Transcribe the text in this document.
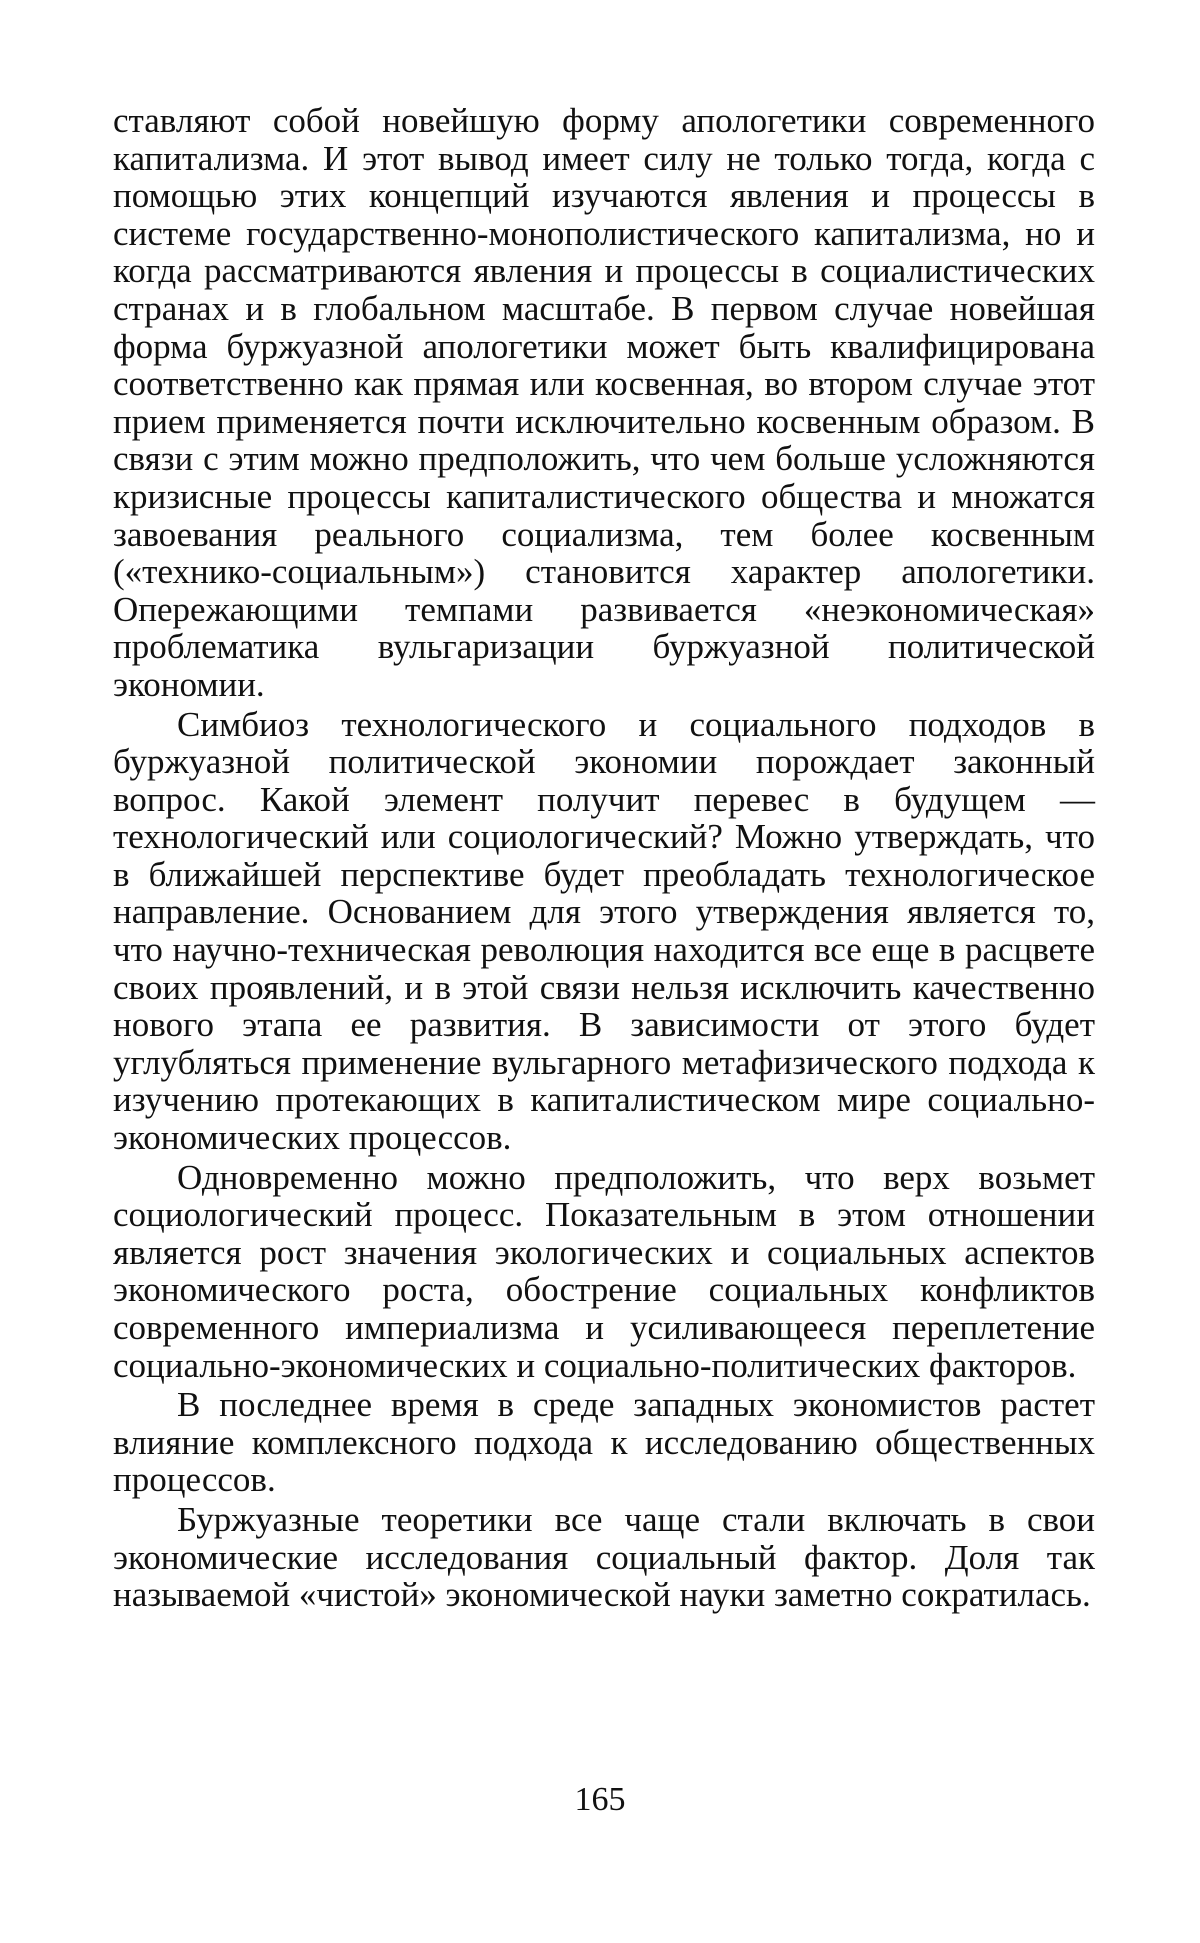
ставляют собой новейшую форму апологетики современного капитализма. И этот вывод имеет силу не только тогда, когда с помощью этих концепций изучаются явления и процессы в системе государственно-монополистического капитализма, но и когда рассматриваются явления и процессы в социалистических странах и в глобальном масштабе. В первом случае новейшая форма буржуазной апологетики может быть квалифицирована соответственно как прямая или косвенная, во втором случае этот прием применяется почти исключительно косвенным образом. В связи с этим можно предположить, что чем больше усложняются кризисные процессы капиталистического общества и множатся завоевания реального социализма, тем более косвенным («технико-социальным») становится характер апологетики. Опережающими темпами развивается «неэкономическая» проблематика вульгаризации буржуазной политической экономии.

Симбиоз технологического и социального подходов в буржуазной политической экономии порождает законный вопрос. Какой элемент получит перевес в будущем — технологический или социологический? Можно утверждать, что в ближайшей перспективе будет преобладать технологическое направление. Основанием для этого утверждения является то, что научно-техническая революция находится все еще в расцвете своих проявлений, и в этой связи нельзя исключить качественно нового этапа ее развития. В зависимости от этого будет углубляться применение вульгарного метафизического подхода к изучению протекающих в капиталистическом мире социально-экономических процессов.

Одновременно можно предположить, что верх возьмет социологический процесс. Показательным в этом отношении является рост значения экологических и социальных аспектов экономического роста, обострение социальных конфликтов современного империализма и усиливающееся переплетение социально-экономических и социально-политических факторов.

В последнее время в среде западных экономистов растет влияние комплексного подхода к исследованию общественных процессов.

Буржуазные теоретики все чаще стали включать в свои экономические исследования социальный фактор. Доля так называемой «чистой» экономической науки заметно сократилась.

165
